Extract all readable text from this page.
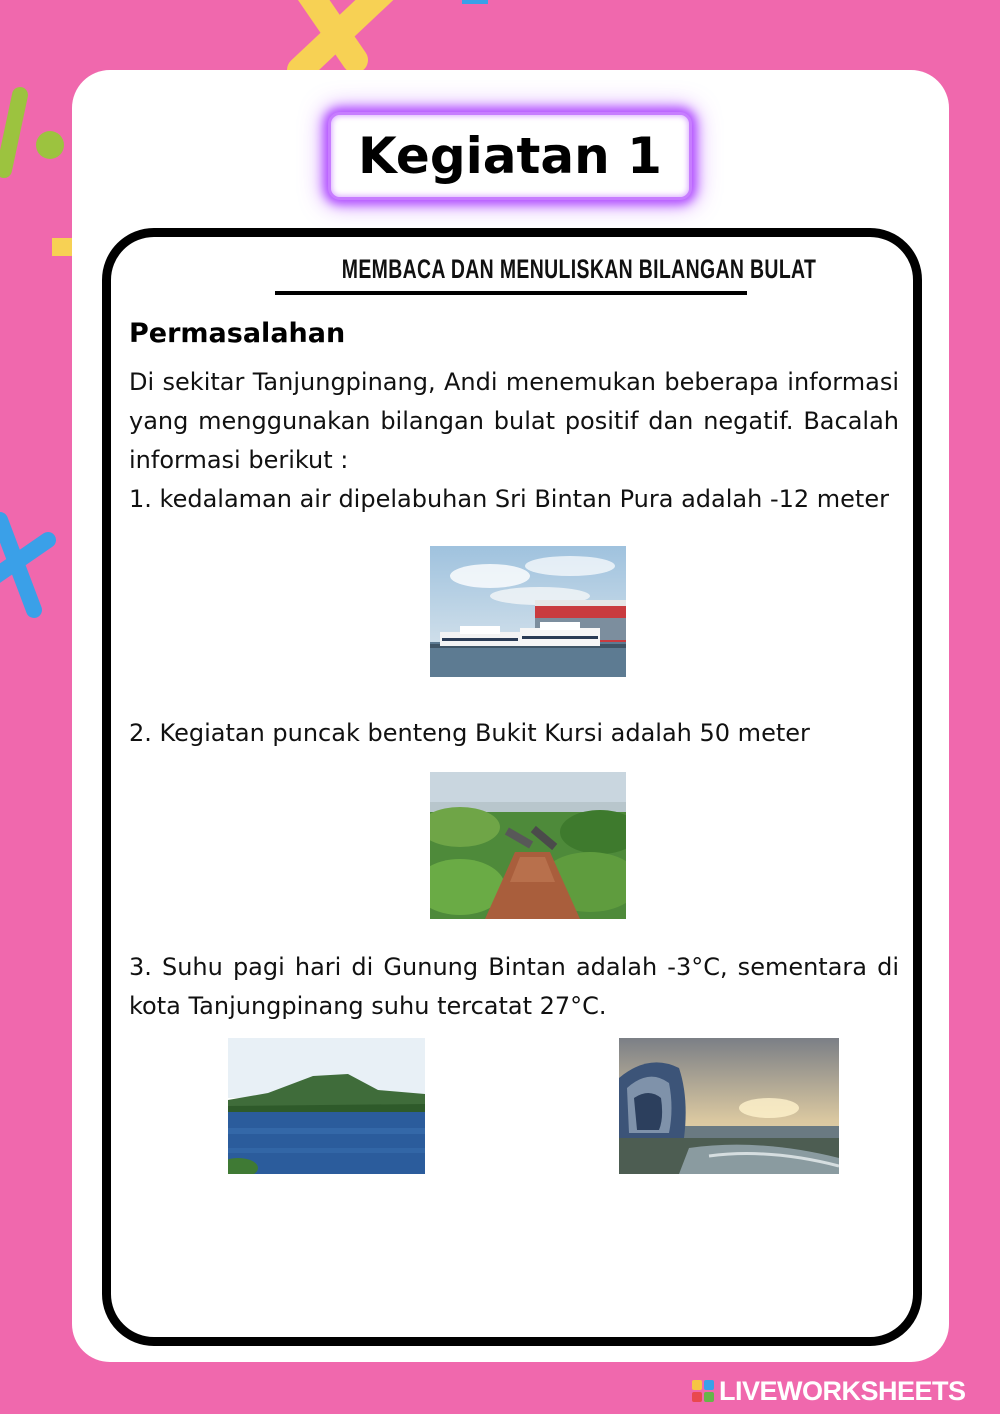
Kegiatan 1
MEMBACA DAN MENULISKAN BILANGAN BULAT
Permasalahan
Di sekitar Tanjungpinang, Andi menemukan beberapa informasi yang menggunakan bilangan bulat positif dan negatif. Bacalah informasi berikut :
1. kedalaman air dipelabuhan Sri Bintan Pura adalah -12 meter
2. Kegiatan puncak benteng Bukit Kursi adalah 50 meter
3. Suhu pagi hari di Gunung Bintan adalah -3°C, sementara di kota Tanjungpinang suhu tercatat 27°C.
LIVEWORKSHEETS
